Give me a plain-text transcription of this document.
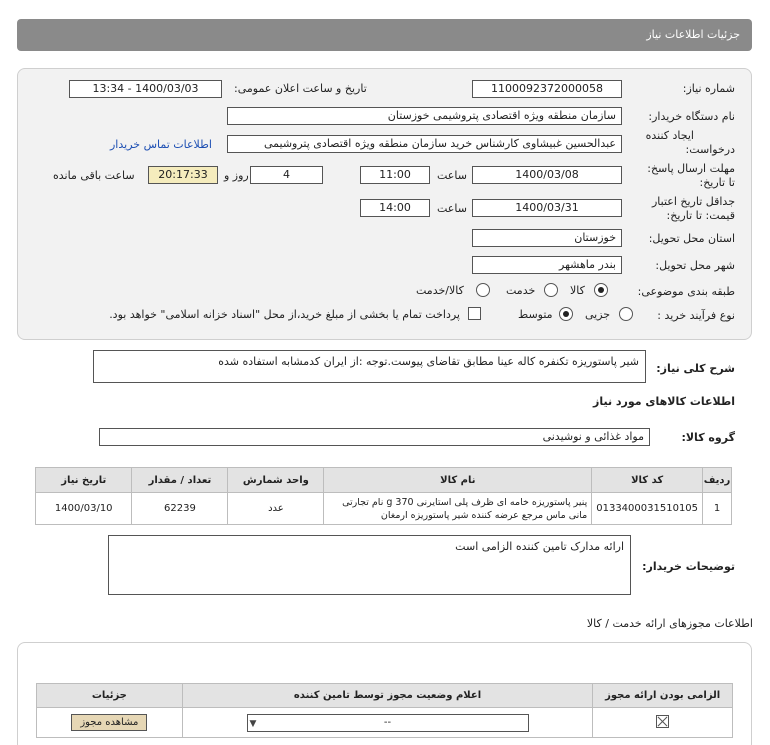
جزئیات اطلاعات نیاز
شماره نیاز:
1100092372000058
تاریخ و ساعت اعلان عمومی:
1400/03/03 - 13:34
نام دستگاه خریدار:
سازمان منطقه ویژه اقتصادی پتروشیمی خوزستان
ایجاد کننده
درخواست:
عبدالحسین غبیشاوی کارشناس خرید سازمان منطقه ویژه اقتصادی پتروشیمی
اطلاعات تماس خریدار
مهلت ارسال پاسخ:
تا تاریخ:
1400/03/08
ساعت
11:00
4
روز و
20:17:33
ساعت باقی مانده
جداقل تاریخ اعتبار
قیمت: تا تاریخ:
1400/03/31
ساعت
14:00
استان محل تحویل:
خوزستان
شهر محل تحویل:
بندر ماهشهر
طبقه بندی موضوعی:
کالا
خدمت
کالا/خدمت
نوع فرآیند خرید :
جزیی
متوسط
پرداخت تمام یا بخشی از مبلغ خرید،از محل "اسناد خزانه اسلامی" خواهد بود.
شرح کلی نیاز:
شیر پاستوریزه تکنفره کاله عینا مطابق تقاضای پیوست.توجه :از ایران کدمشابه استفاده شده
اطلاعات کالاهای مورد نیاز
گروه کالا:
مواد غذائی و نوشیدنی
ردیف	کد کالا	نام کالا	واحد شمارش	تعداد / مقدار	تاریخ نیاز
1	0133400031510105	پنیر پاستوریزه خامه ای ظرف پلی استایرنی 370 g نام تجارتی مانی ماس مرجع عرضه کننده شیر پاستوریزه ارمغان	عدد	62239	1400/03/10
توضیحات خریدار:
ارائه مدارک تامین کننده الزامی است
اطلاعات مجوزهای ارائه خدمت / کالا
الزامی بودن ارائه مجوز	اعلام وضعیت مجوز توسط تامین کننده	جزئیات

	▼ --	مشاهده مجوز
